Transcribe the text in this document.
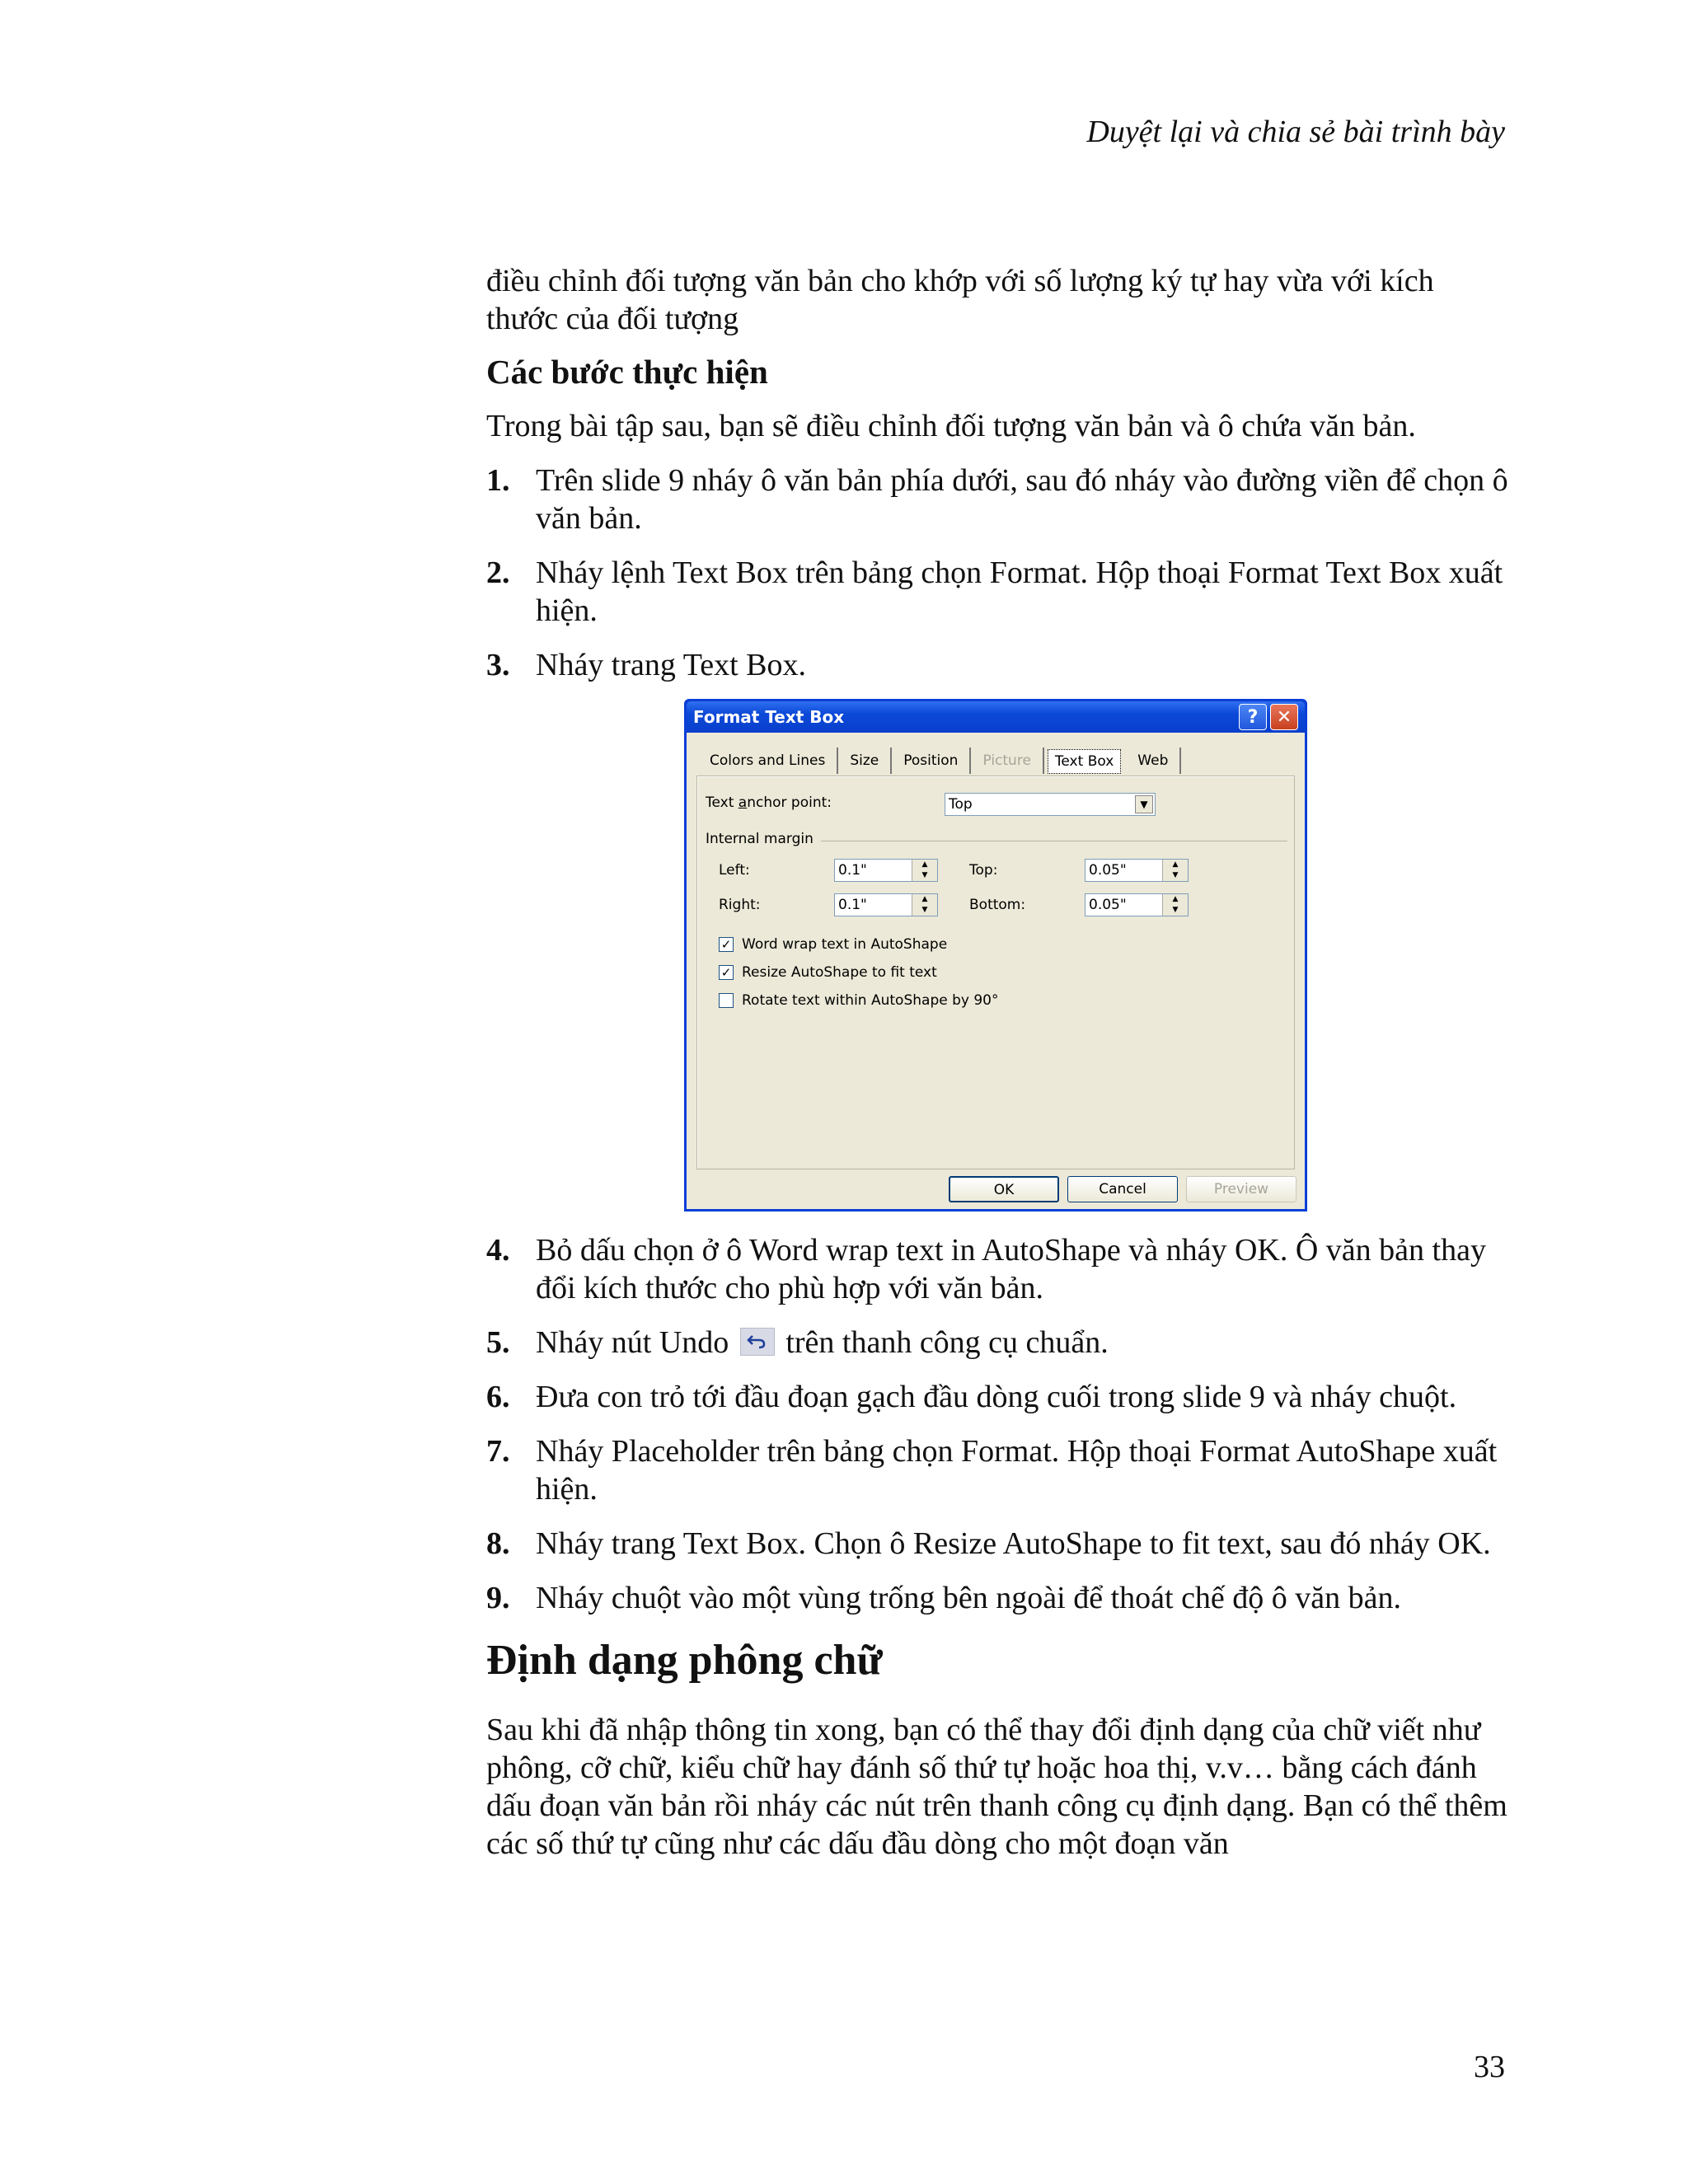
Duyệt lại và chia sẻ bài trình bày

điều chỉnh đối tượng văn bản cho khớp với số lượng ký tự hay vừa với kích thước của đối tượng

Các bước thực hiện

Trong bài tập sau, bạn sẽ điều chỉnh đối tượng văn bản và ô chứa văn bản.

1. Trên slide 9 nháy ô văn bản phía dưới, sau đó nháy vào đường viền để chọn ô văn bản.
2. Nháy lệnh Text Box trên bảng chọn Format. Hộp thoại Format Text Box xuất hiện.
3. Nháy trang Text Box.
Format Text Box	?	✕
Colors and Lines	Size	Position	Picture	Text Box	Web
Text anchor point:	Top	▼
Internal margin
Left:	0.1"	▲
▼	Top:	0.05"	▲
▼
Right:	0.1"	▲
▼	Bottom:	0.05"	▲
▼
✓ Word wrap text in AutoShape
✓ Resize AutoShape to fit text
Rotate text within AutoShape by 90°
OK	Cancel	Preview
4. Bỏ dấu chọn ở ô Word wrap text in AutoShape và nháy OK. Ô văn bản thay đổi kích thước cho phù hợp với văn bản.
5. Nháy nút Undo trên thanh công cụ chuẩn.
6. Đưa con trỏ tới đầu đoạn gạch đầu dòng cuối trong slide 9 và nháy chuột.
7. Nháy Placeholder trên bảng chọn Format. Hộp thoại Format AutoShape xuất hiện.
8. Nháy trang Text Box. Chọn ô Resize AutoShape to fit text, sau đó nháy OK.
9. Nháy chuột vào một vùng trống bên ngoài để thoát chế độ ô văn bản.
Định dạng phông chữ

Sau khi đã nhập thông tin xong, bạn có thể thay đổi định dạng của chữ viết như phông, cỡ chữ, kiểu chữ hay đánh số thứ tự hoặc hoa thị, v.v… bằng cách đánh dấu đoạn văn bản rồi nháy các nút trên thanh công cụ định dạng. Bạn có thể thêm các số thứ tự cũng như các dấu đầu dòng cho một đoạn văn

33
